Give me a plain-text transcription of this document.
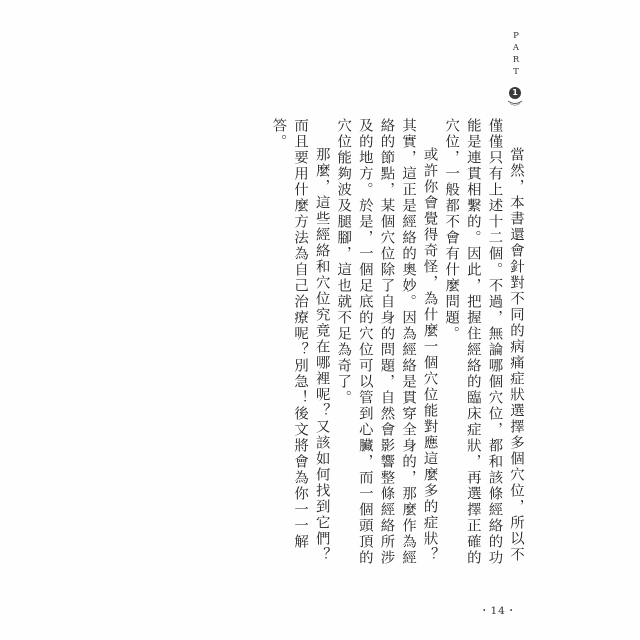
P
A
R
T
1

當然，本書還會針對不同的病痛症狀選擇多個穴位，所以不僅僅只有上述十二個。不過，無論哪個穴位，都和該條經絡的功能是連貫相繫的。因此，把握住經絡的臨床症狀，再選擇正確的穴位，一般都不會有什麼問題。

或許你會覺得奇怪，為什麼一個穴位能對應這麼多的症狀？其實，這正是經絡的奧妙。因為經絡是貫穿全身的，那麼作為經絡的節點，某個穴位除了自身的問題，自然會影響整條經絡所涉及的地方。於是，一個足底的穴位可以管到心臟，而一個頭頂的穴位能夠波及腿腳，這也就不足為奇了。

那麼，這些經絡和穴位究竟在哪裡呢？又該如何找到它們？而且要用什麼方法為自己治療呢？別急！後文將會為你一一解答。

・14・
